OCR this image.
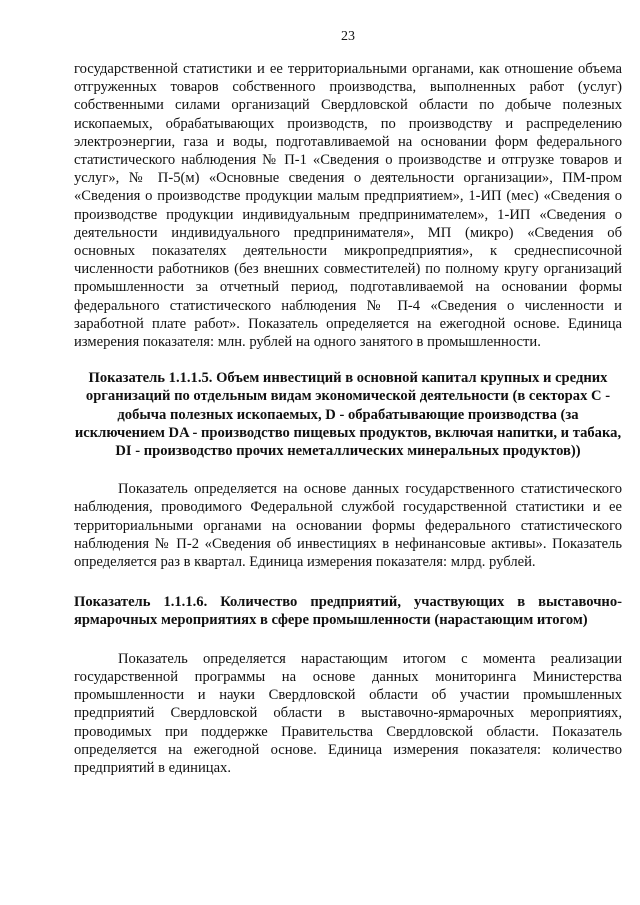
23

государственной статистики и ее территориальными органами, как отношение объема отгруженных товаров собственного производства, выполненных работ (услуг) собственными силами организаций Свердловской области по добыче полезных ископаемых, обрабатывающих производств, по производству и распределению электроэнергии, газа и воды, подготавливаемой на основании форм федерального статистического наблюдения № П-1 «Сведения о производстве и отгрузке товаров и услуг», № П-5(м) «Основные сведения о деятельности организации», ПМ-пром «Сведения о производстве продукции малым предприятием», 1-ИП (мес) «Сведения о производстве продукции индивидуальным предпринимателем», 1-ИП «Сведения о деятельности индивидуального предпринимателя», МП (микро) «Сведения об основных показателях деятельности микропредприятия», к среднесписочной численности работников (без внешних совместителей) по полному кругу организаций промышленности за отчетный период, подготавливаемой на основании формы федерального статистического наблюдения № П-4 «Сведения о численности и заработной плате работ». Показатель определяется на ежегодной основе. Единица измерения показателя: млн. рублей на одного занятого в промышленности.

Показатель 1.1.1.5. Объем инвестиций в основной капитал крупных и средних организаций по отдельным видам экономической деятельности (в секторах С - добыча полезных ископаемых, D - обрабатывающие производства (за исключением DA - производство пищевых продуктов, включая напитки, и табака, DI - производство прочих неметаллических минеральных продуктов))

Показатель определяется на основе данных государственного статистического наблюдения, проводимого Федеральной службой государственной статистики и ее территориальными органами на основании формы федерального статистического наблюдения № П-2 «Сведения об инвестициях в нефинансовые активы». Показатель определяется раз в квартал. Единица измерения показателя: млрд. рублей.

Показатель 1.1.1.6. Количество предприятий, участвующих в выставочно-ярмарочных мероприятиях в сфере промышленности (нарастающим итогом)

Показатель определяется нарастающим итогом с момента реализации государственной программы на основе данных мониторинга Министерства промышленности и науки Свердловской области об участии промышленных предприятий Свердловской области в выставочно-ярмарочных мероприятиях, проводимых при поддержке Правительства Свердловской области. Показатель определяется на ежегодной основе. Единица измерения показателя: количество предприятий в единицах.
